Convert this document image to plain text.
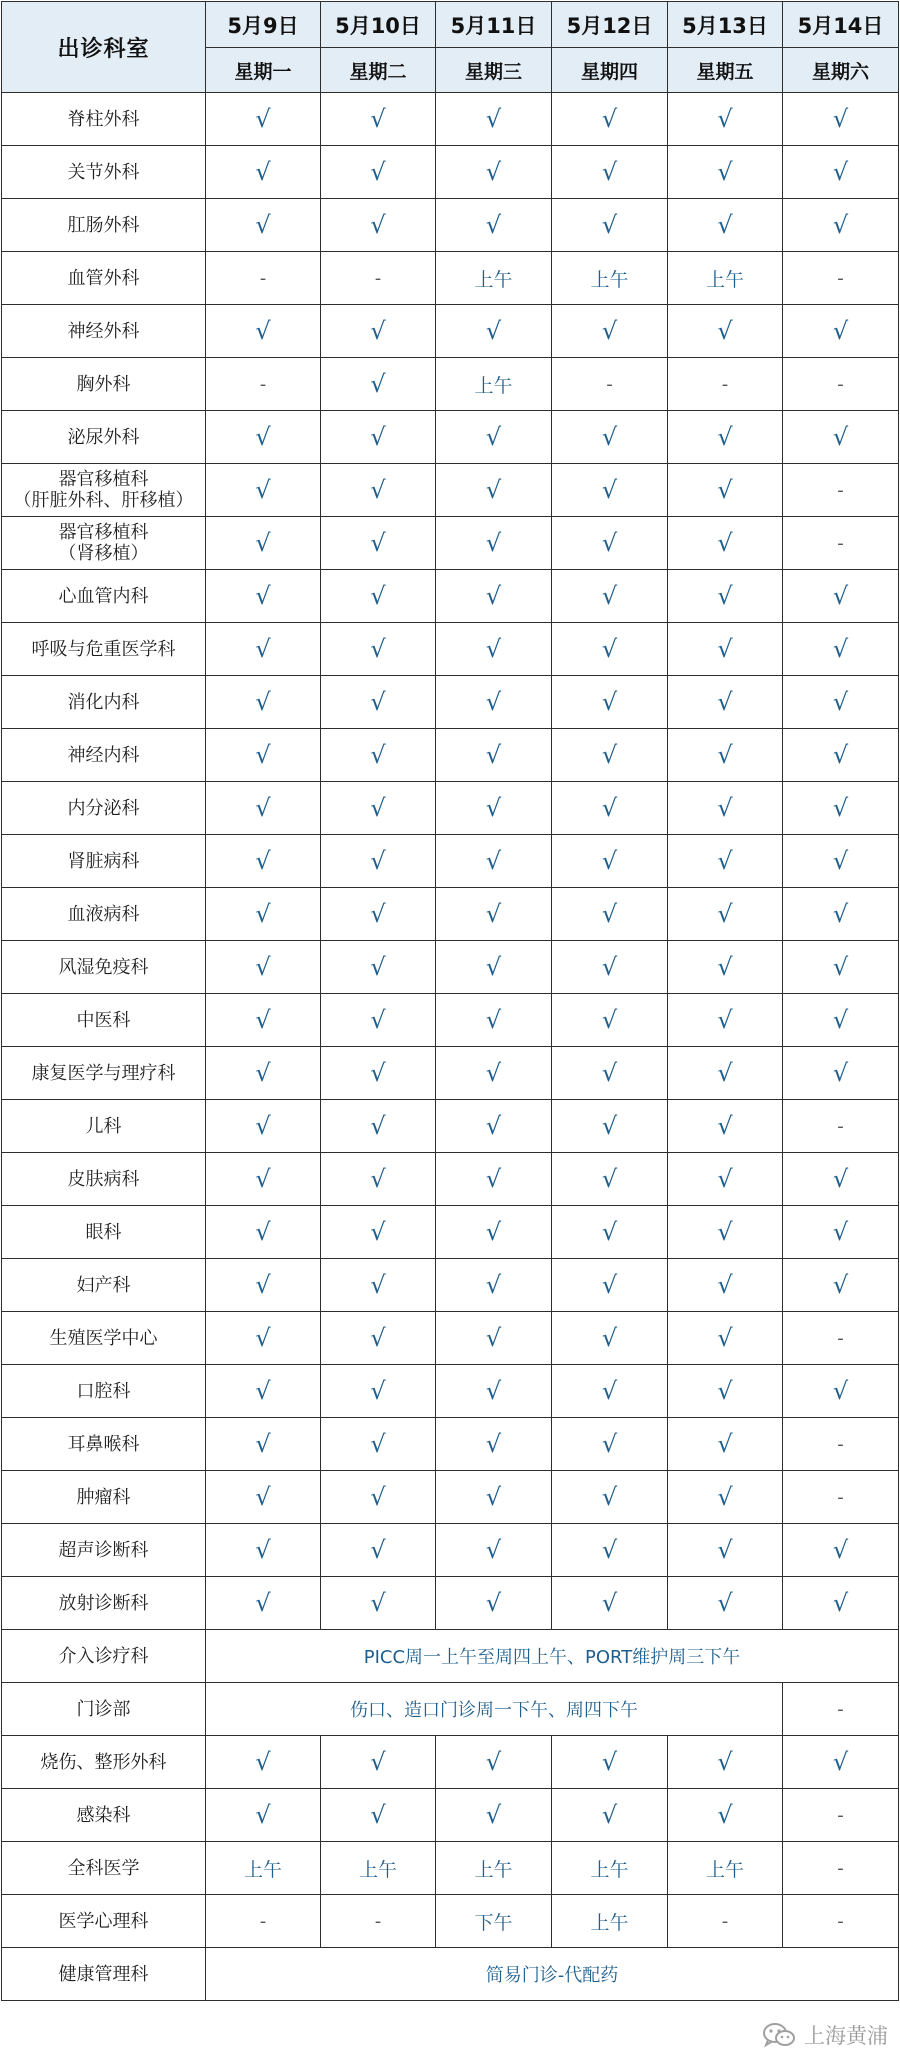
出诊科室	5月9日	5月10日	5月11日	5月12日	5月13日	5月14日
	星期一	星期二	星期三	星期四	星期五	星期六

脊柱外科	√	√	√	√	√	√

关节外科	√	√	√	√	√	√

肛肠外科	√	√	√	√	√	√

血管外科	-	-	上午	上午	上午	-

神经外科	√	√	√	√	√	√

胸外科	-	√	上午	-	-	-

泌尿外科	√	√	√	√	√	√

器官移植科
（肝脏外科、肝移植）	√	√	√	√	√	-

器官移植科
（肾移植）	√	√	√	√	√	-

心血管内科	√	√	√	√	√	√

呼吸与危重医学科	√	√	√	√	√	√

消化内科	√	√	√	√	√	√

神经内科	√	√	√	√	√	√

内分泌科	√	√	√	√	√	√

肾脏病科	√	√	√	√	√	√

血液病科	√	√	√	√	√	√

风湿免疫科	√	√	√	√	√	√

中医科	√	√	√	√	√	√

康复医学与理疗科	√	√	√	√	√	√

儿科	√	√	√	√	√	-

皮肤病科	√	√	√	√	√	√

眼科	√	√	√	√	√	√

妇产科	√	√	√	√	√	√

生殖医学中心	√	√	√	√	√	-

口腔科	√	√	√	√	√	√

耳鼻喉科	√	√	√	√	√	-

肿瘤科	√	√	√	√	√	-

超声诊断科	√	√	√	√	√	√

放射诊断科	√	√	√	√	√	√

介入诊疗科	PICC周一上午至周四上午、PORT维护周三下午					

门诊部	伤口、造口门诊周一下午、周四下午					-

烧伤、整形外科	√	√	√	√	√	√

感染科	√	√	√	√	√	-

全科医学	上午	上午	上午	上午	上午	-

医学心理科	-	-	下午	上午	-	-

健康管理科	简易门诊-代配药					
上海黄浦
